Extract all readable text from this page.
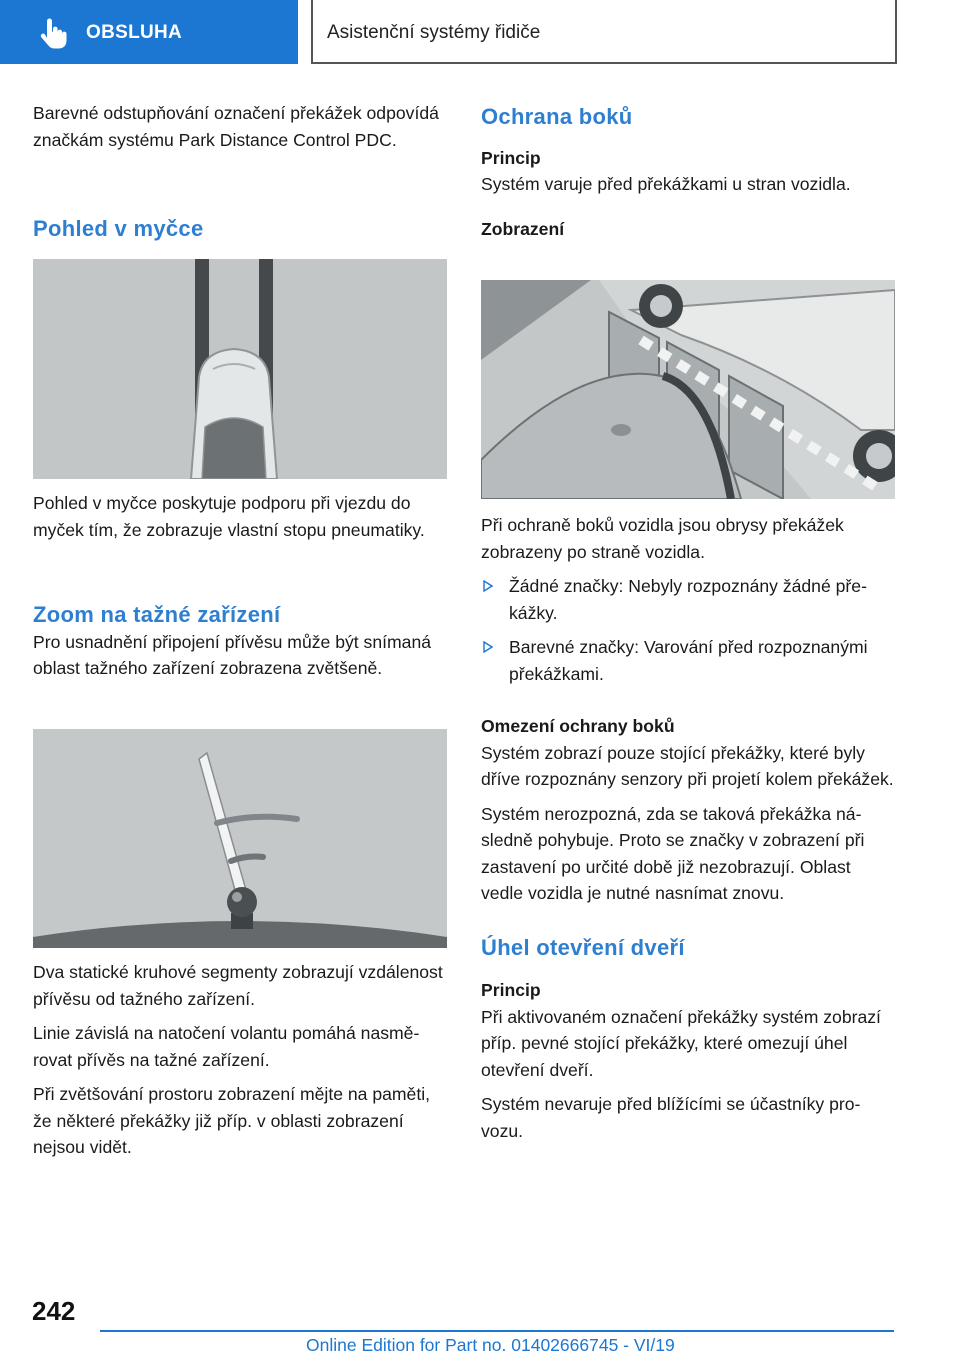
OBSLUHA	Asistenční systémy řidiče

Barevné odstupňování označení překážek odpovídá značkám systému Park Distance Control PDC.

Pohled v myčce

Pohled v myčce poskytuje podporu při vjezdu do myček tím, že zobrazuje vlastní stopu pneumatiky.

Zoom na tažné zařízení

Pro usnadnění připojení přívěsu může být snímaná oblast tažného zařízení zobrazena zvětšeně.

Dva statické kruhové segmenty zobrazují vzdálenost přívěsu od tažného zařízení.

Linie závislá na natočení volantu pomáhá nasměrovat přívěs na tažné zařízení.

Při zvětšování prostoru zobrazení mějte na paměti, že některé překážky již příp. v oblasti zobrazení nejsou vidět.

Ochrana boků
Princip

Systém varuje před překážkami u stran vozidla.

Zobrazení

Při ochraně boků vozidla jsou obrysy překážek zobrazeny po straně vozidla.

Žádné značky: Nebyly rozpoznány žádné překážky.
Barevné značky: Varování před rozpoznanými překážkami.
Omezení ochrany boků

Systém zobrazí pouze stojící překážky, které byly dříve rozpoznány senzory při projetí kolem překážek.

Systém nerozpozná, zda se taková překážka následně pohybuje. Proto se značky v zobrazení při zastavení po určité době již nezobrazují. Oblast vedle vozidla je nutné nasnímat znovu.

Úhel otevření dveří
Princip

Při aktivovaném označení překážky systém zobrazí příp. pevné stojící překážky, které omezují úhel otevření dveří.

Systém nevaruje před blížícími se účastníky provozu.

242
Online Edition for Part no. 01402666745 - VI/19
